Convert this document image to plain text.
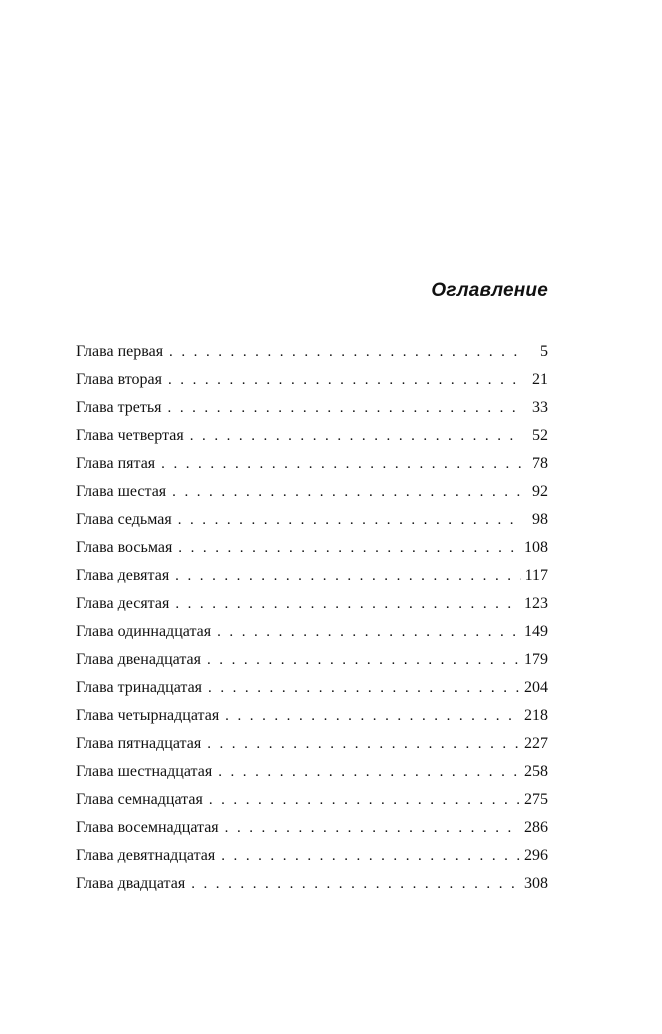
Оглавление
Глава первая . . .	5
Глава вторая . . .	21
Глава третья . . .	33
Глава четвертая . . .	52
Глава пятая . . .	78
Глава шестая . . .	92
Глава седьмая . . .	98
Глава восьмая . . .	108
Глава девятая . . .	117
Глава десятая . . .	123
Глава одиннадцатая . . .	149
Глава двенадцатая . . .	179
Глава тринадцатая . . .	204
Глава четырнадцатая . . .	218
Глава пятнадцатая . . .	227
Глава шестнадцатая . . .	258
Глава семнадцатая . . .	275
Глава восемнадцатая . . .	286
Глава девятнадцатая . . .	296
Глава двадцатая . . .	308
